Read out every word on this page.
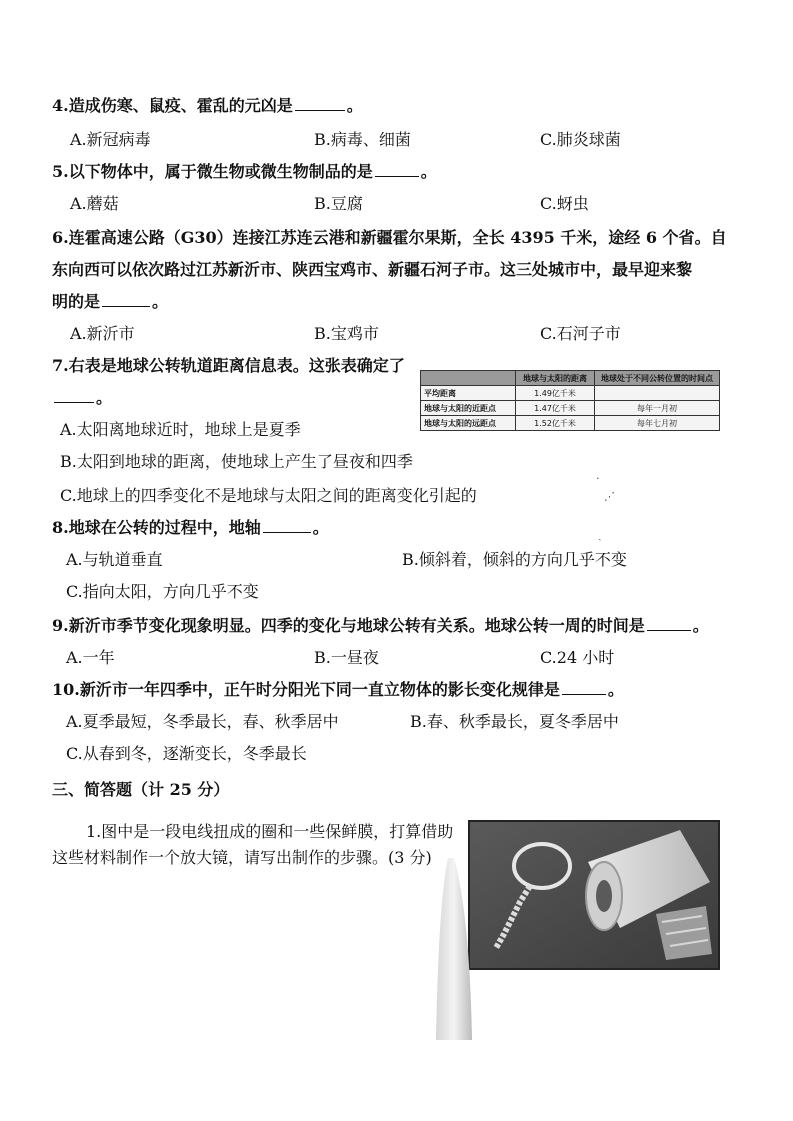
4.造成伤寒、鼠疫、霍乱的元凶是	。
A.新冠病毒	B.病毒、细菌	C.肺炎球菌
5.以下物体中，属于微生物或微生物制品的是	。
A.蘑菇	B.豆腐	C.蚜虫
6.连霍高速公路（G30）连接江苏连云港和新疆霍尔果斯，全长 4395 千米，途经 6 个省。自
东向西可以依次路过江苏新沂市、陕西宝鸡市、新疆石河子市。这三处城市中，最早迎来黎
明的是	。
A.新沂市	B.宝鸡市	C.石河子市
7.右表是地球公转轨道距离信息表。这张表确定了
。
A.太阳离地球近时，地球上是夏季
B.太阳到地球的距离，使地球上产生了昼夜和四季
C.地球上的四季变化不是地球与太阳之间的距离变化引起的
	地球与太阳的距离	地球处于不同公转位置的时间点
平均距离	1.49亿千米	
地球与太阳的近距点	1.47亿千米	每年一月初
地球与太阳的远距点	1.52亿千米	每年七月初
·
⋰
ˎ
8.地球在公转的过程中，地轴	。
A.与轨道垂直	B.倾斜着，倾斜的方向几乎不变
C.指向太阳，方向几乎不变
9.新沂市季节变化现象明显。四季的变化与地球公转有关系。地球公转一周的时间是	。
A.一年	B.一昼夜	C.24 小时
10.新沂市一年四季中，正午时分阳光下同一直立物体的影长变化规律是	。
A.夏季最短，冬季最长，春、秋季居中	B.春、秋季最长，夏冬季居中
C.从春到冬，逐渐变长，冬季最长
三、简答题（计 25 分）
1.图中是一段电线扭成的圈和一些保鲜膜，打算借助
这些材料制作一个放大镜，请写出制作的步骤。(3 分)
